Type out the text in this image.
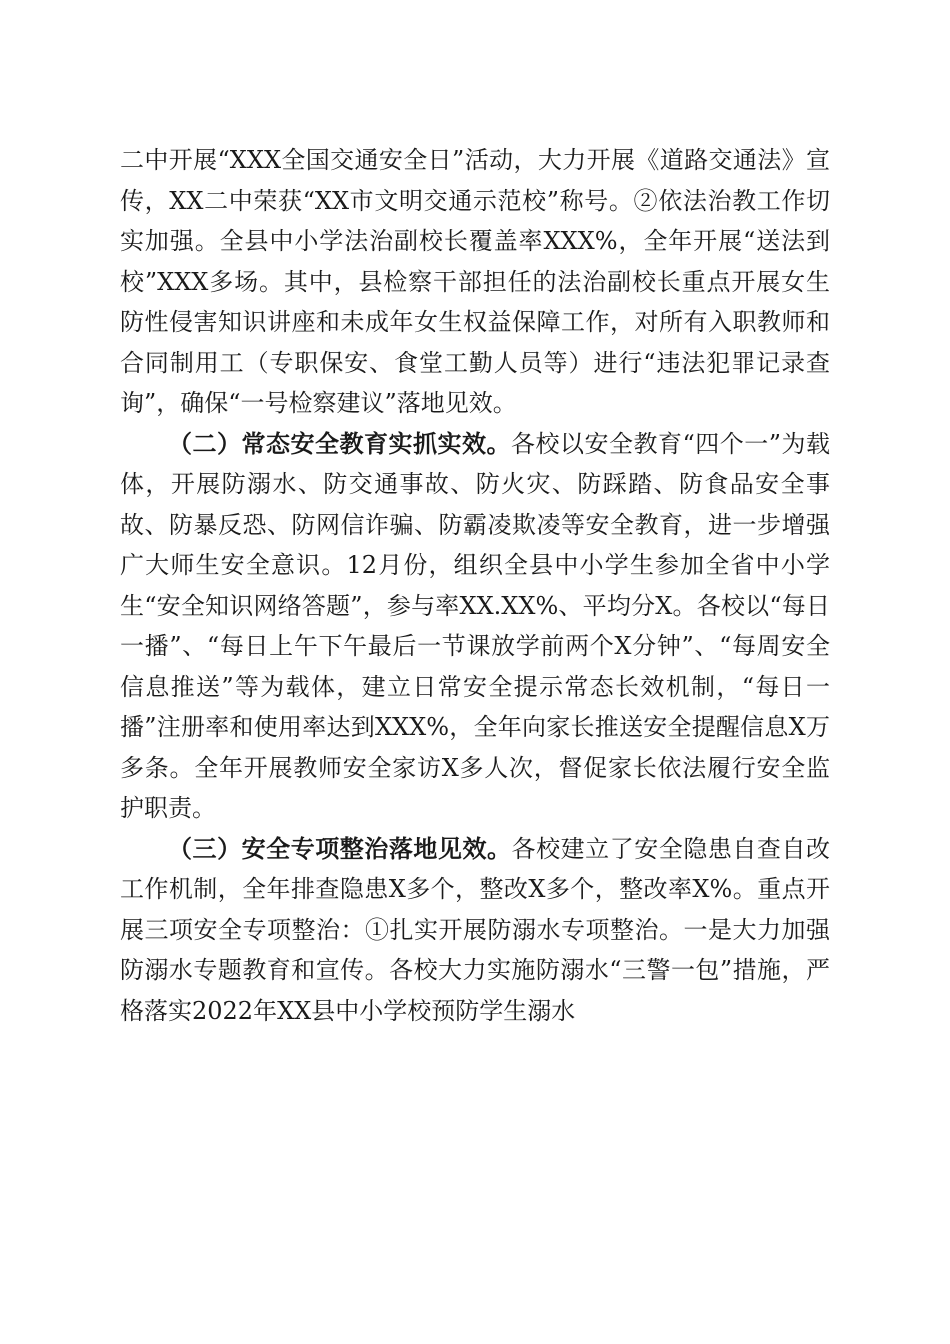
二中开展“XXX全国交通安全日”活动，大力开展《道路交通法》宣传，XX二中荣获“XX市文明交通示范校”称号。②依法治教工作切实加强。全县中小学法治副校长覆盖率XXX%，全年开展“送法到校”XXX多场。其中，县检察干部担任的法治副校长重点开展女生防性侵害知识讲座和未成年女生权益保障工作，对所有入职教师和合同制用工（专职保安、食堂工勤人员等）进行“违法犯罪记录查询”，确保“一号检察建议”落地见效。

（二）常态安全教育实抓实效。各校以安全教育“四个一”为载体，开展防溺水、防交通事故、防火灾、防踩踏、防食品安全事故、防暴反恐、防网信诈骗、防霸凌欺凌等安全教育，进一步增强广大师生安全意识。12月份，组织全县中小学生参加全省中小学生“安全知识网络答题”，参与率XX.XX%、平均分X。各校以“每日一播”、“每日上午下午最后一节课放学前两个X分钟”、“每周安全信息推送”等为载体，建立日常安全提示常态长效机制，“每日一播”注册率和使用率达到XXX%，全年向家长推送安全提醒信息X万多条。全年开展教师安全家访X多人次，督促家长依法履行安全监护职责。

（三）安全专项整治落地见效。各校建立了安全隐患自查自改工作机制，全年排查隐患X多个，整改X多个，整改率X%。重点开展三项安全专项整治：①扎实开展防溺水专项整治。一是大力加强防溺水专题教育和宣传。各校大力实施防溺水“三警一包”措施，严格落实2022年XX县中小学校预防学生溺水
